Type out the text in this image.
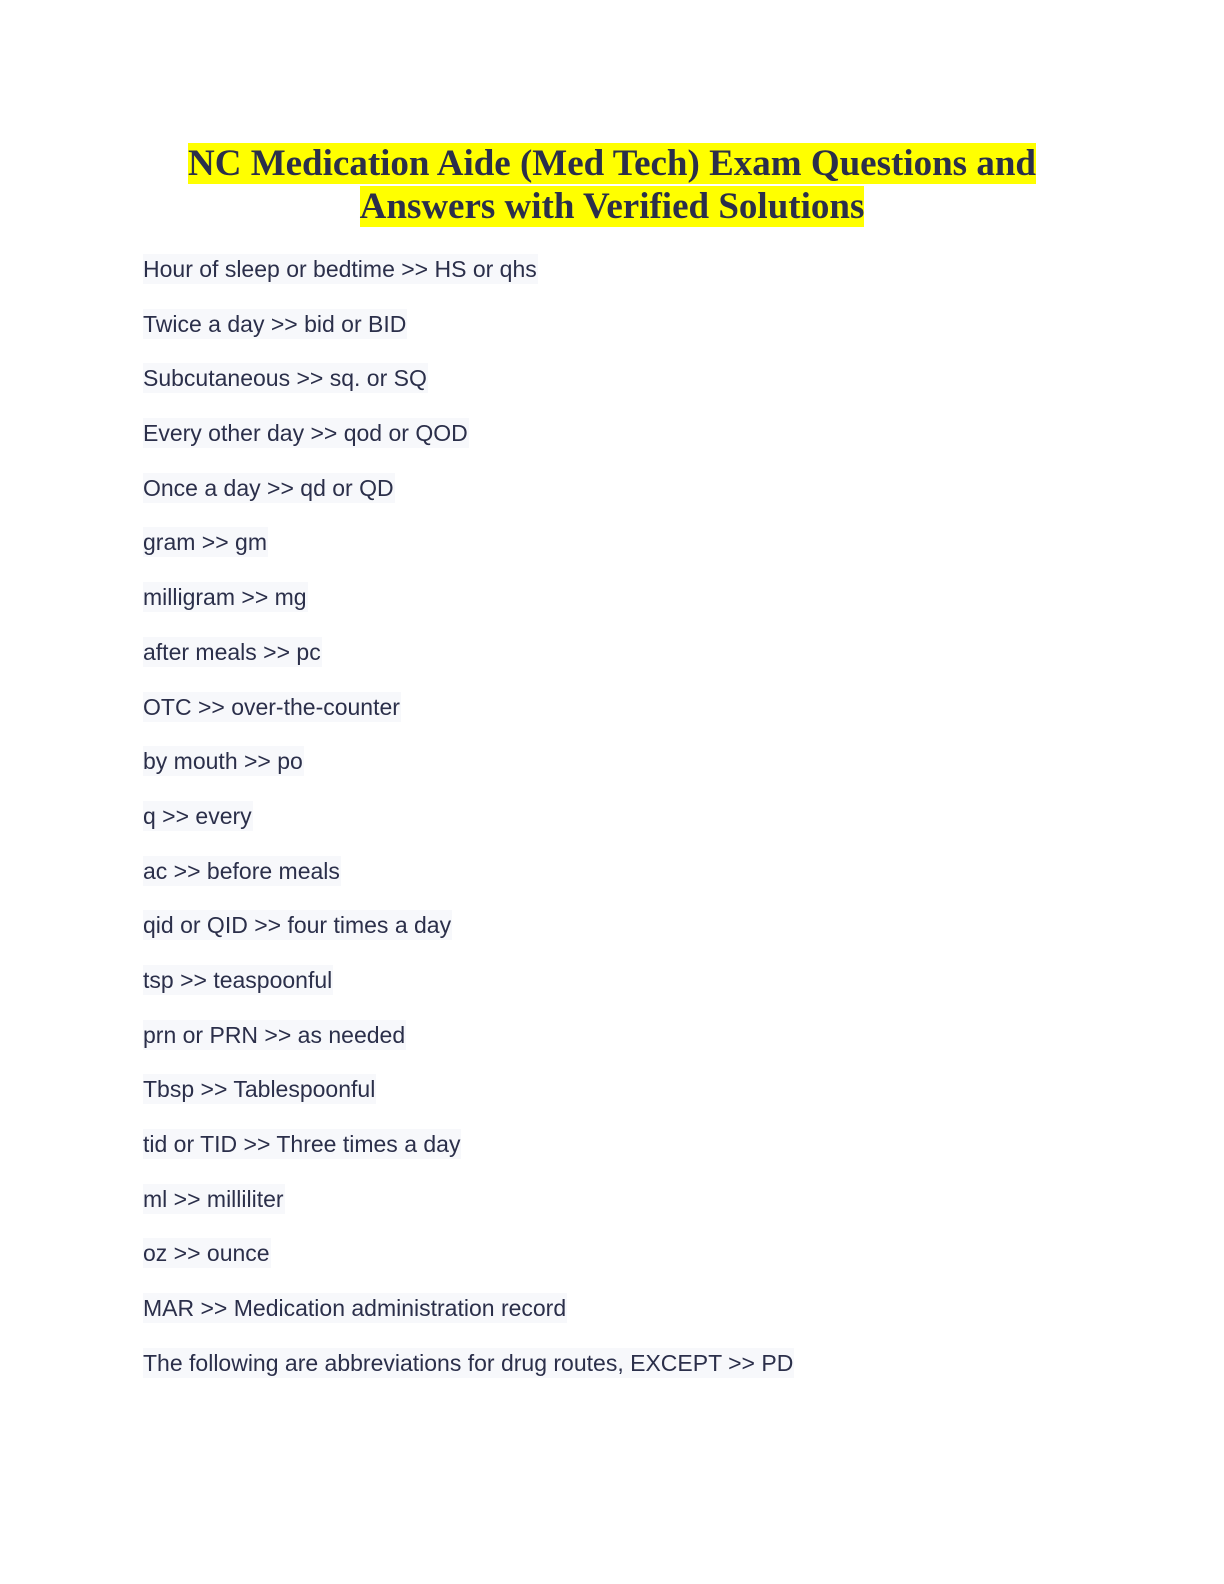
NC Medication Aide (Med Tech) Exam Questions and
Answers with Verified Solutions
Hour of sleep or bedtime >> HS or qhs
Twice a day >> bid or BID
Subcutaneous >> sq. or SQ
Every other day >> qod or QOD
Once a day >> qd or QD
gram >> gm
milligram >> mg
after meals >> pc
OTC >> over-the-counter
by mouth >> po
q >> every
ac >> before meals
qid or QID >> four times a day
tsp >> teaspoonful
prn or PRN >> as needed
Tbsp >> Tablespoonful
tid or TID >> Three times a day
ml >> milliliter
oz >> ounce
MAR >> Medication administration record
The following are abbreviations for drug routes, EXCEPT >> PD
